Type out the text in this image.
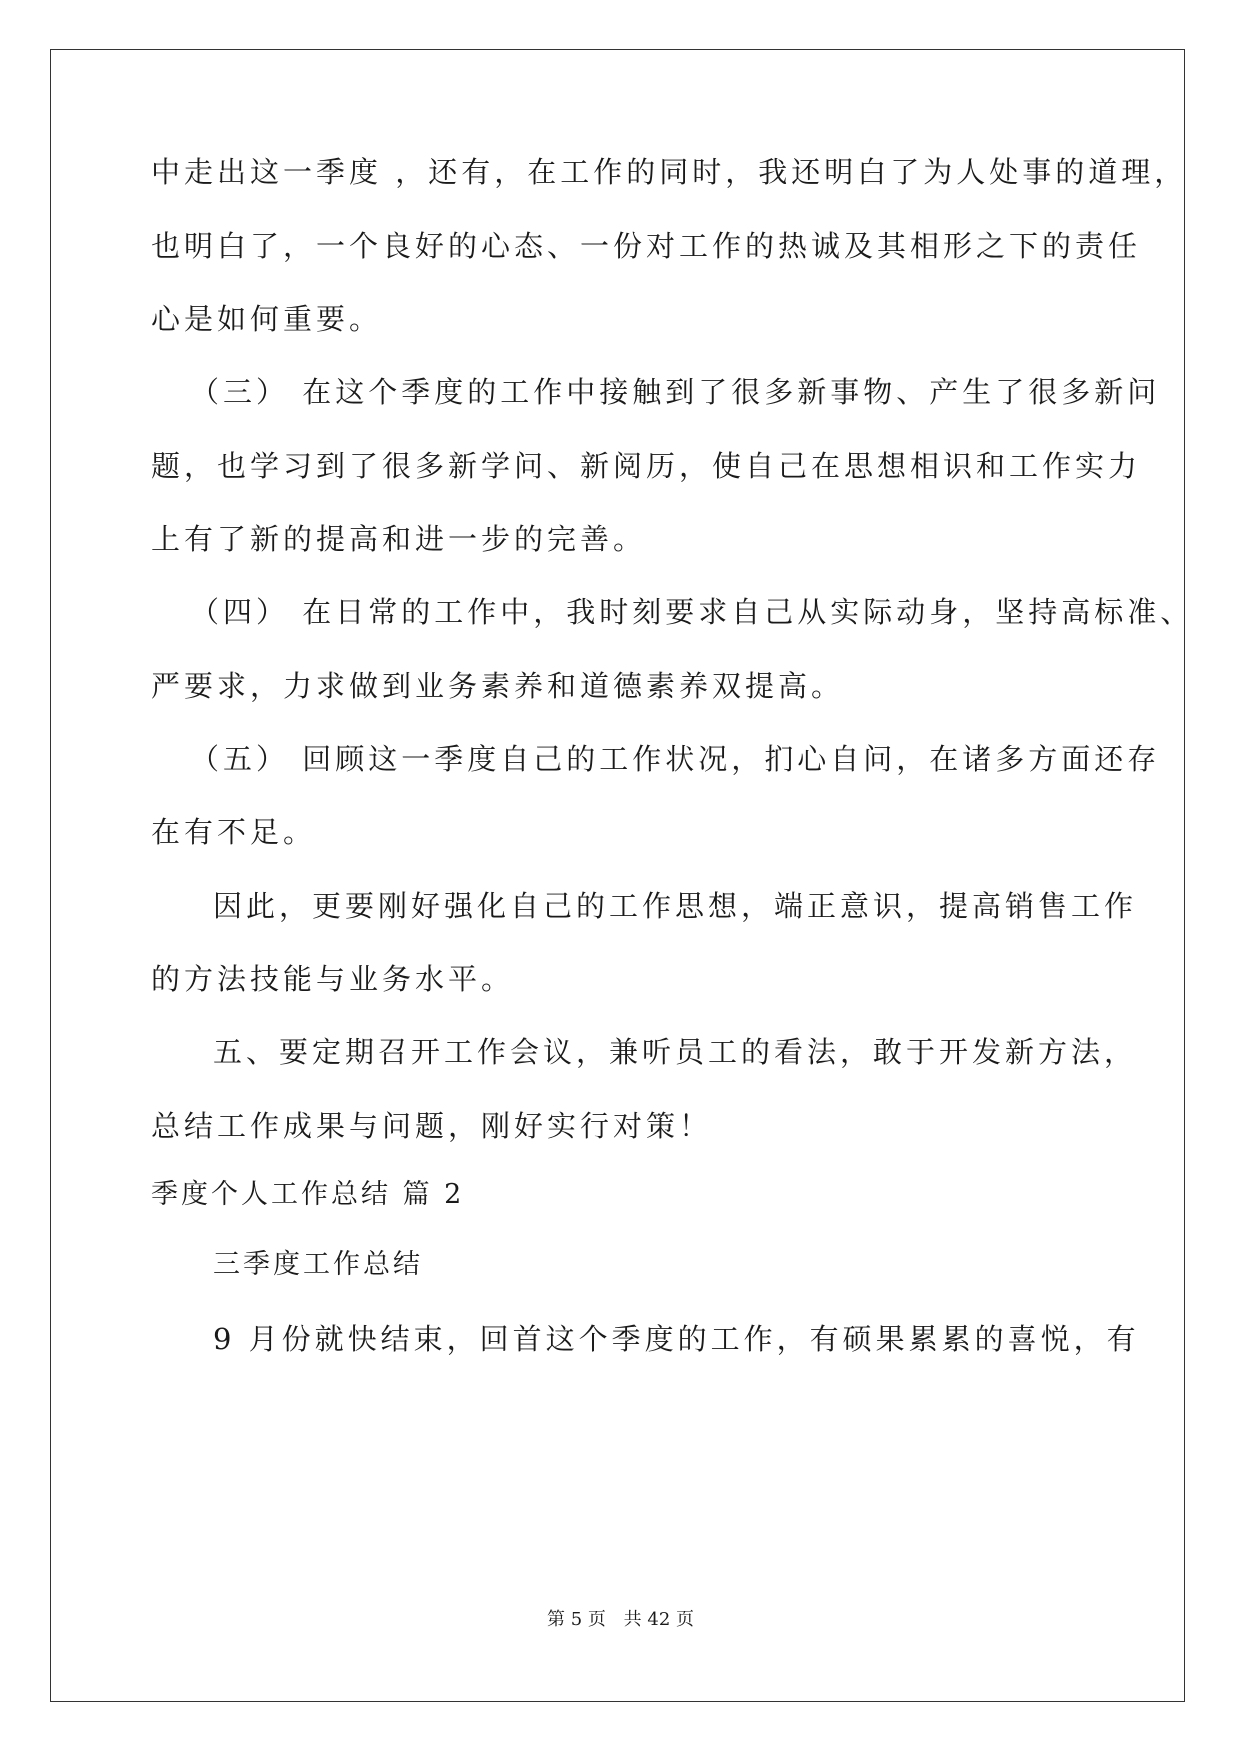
中走出这一季度 ，还有，在工作的同时，我还明白了为人处事的道理，
也明白了，一个良好的心态、一份对工作的热诚及其相形之下的责任
心是如何重要。
（三） 在这个季度的工作中接触到了很多新事物、产生了很多新问
题，也学习到了很多新学问、新阅历，使自己在思想相识和工作实力
上有了新的提高和进一步的完善。
（四） 在日常的工作中，我时刻要求自己从实际动身，坚持高标准、
严要求，力求做到业务素养和道德素养双提高。
（五） 回顾这一季度自己的工作状况，扪心自问，在诸多方面还存
在有不足。
因此，更要刚好强化自己的工作思想，端正意识，提高销售工作
的方法技能与业务水平。
五、要定期召开工作会议，兼听员工的看法，敢于开发新方法，
总结工作成果与问题，刚好实行对策！
季度个人工作总结 篇 2
三季度工作总结
9 月份就快结束，回首这个季度的工作，有硕果累累的喜悦，有
第 5 页 共 42 页
